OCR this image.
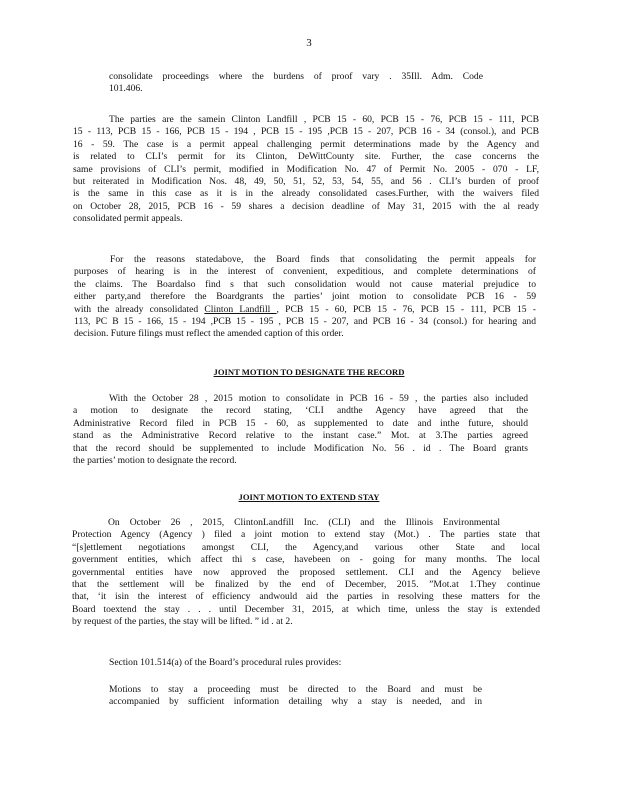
3
consolidate proceedings where the burdens of proof vary . 35Ill. Adm. Code
101.406.
The parties are the samein Clinton Landfill , PCB 15 - 60, PCB 15 - 76, PCB 15 - 111, PCB
15 - 113, PCB 15 - 166, PCB 15 - 194 , PCB 15 - 195 ,PCB 15 - 207, PCB 16 - 34 (consol.), and PCB
16 - 59. The case is a permit appeal challenging permit determinations made by the Agency and
is related to CLI’s permit for its Clinton, DeWittCounty site. Further, the case concerns the
same provisions of CLI’s permit, modified in Modification No. 47 of Permit No. 2005 - 070 - LF,
but reiterated in Modification Nos. 48, 49, 50, 51, 52, 53, 54, 55, and 56 . CLI’s burden of proof
is the same in this case as it is in the already consolidated cases.Further, with the waivers filed
on October 28, 2015, PCB 16 - 59 shares a decision deadline of May 31, 2015 with the al ready
consolidated permit appeals.
For the reasons statedabove, the Board finds that consolidating the permit appeals for
purposes of hearing is in the interest of convenient, expeditious, and complete determinations of
the claims. The Boardalso find s that such consolidation would not cause material prejudice to
either party,and therefore the Boardgrants the parties’ joint motion to consolidate PCB 16 - 59
with the already consolidated Clinton Landfill , PCB 15 - 60, PCB 15 - 76, PCB 15 - 111, PCB 15 -
113, PC B 15 - 166, 15 - 194 ,PCB 15 - 195 , PCB 15 - 207, and PCB 16 - 34 (consol.) for hearing and
decision. Future filings must reflect the amended caption of this order.
JOINT MOTION TO DESIGNATE THE RECORD
With the October 28 , 2015 motion to consolidate in PCB 16 - 59 , the parties also included
a motion to designate the record stating, ‘CLI andthe Agency have agreed that the
Administrative Record filed in PCB 15 - 60, as supplemented to date and inthe future, should
stand as the Administrative Record relative to the instant case.” Mot. at 3.The parties agreed
that the record should be supplemented to include Modification No. 56 . id . The Board grants
the parties’ motion to designate the record.
JOINT MOTION TO EXTEND STAY
On October 26 , 2015, ClintonLandfill Inc. (CLI) and the Illinois Environmental
Protection Agency (Agency ) filed a joint motion to extend stay (Mot.) . The parties state that
“[s]ettlement negotiations amongst CLI, the Agency,and various other State and local
government entities, which affect thi s case, havebeen on - going for many months. The local
governmental entities have now approved the proposed settlement. CLI and the Agency believe
that the settlement will be finalized by the end of December, 2015. ”Mot.at 1.They continue
that, ‘it isin the interest of efficiency andwould aid the parties in resolving these matters for the
Board toextend the stay . . . until December 31, 2015, at which time, unless the stay is extended
by request of the parties, the stay will be lifted. ” id . at 2.
Section 101.514(a) of the Board’s procedural rules provides:
Motions to stay a proceeding must be directed to the Board and must be
accompanied by sufficient information detailing why a stay is needed, and in
